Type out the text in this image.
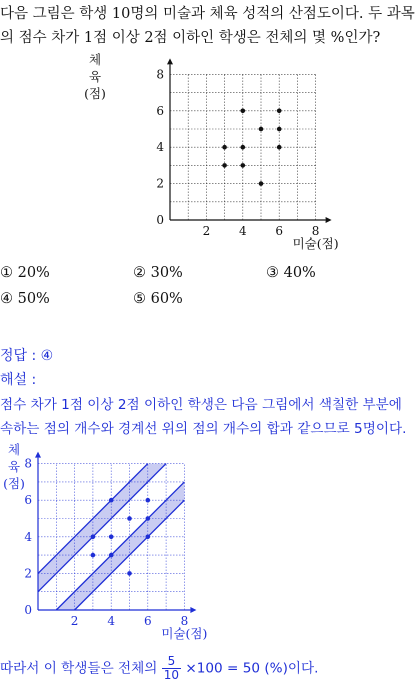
다음 그림은 학생 10명의 미술과 체육 성적의 산점도이다. 두 과목
의 점수 차가 1점 이상 2점 이하인 학생은 전체의 몇 %인가?
2 4 6 8
0
2
4
6
8
미술(점)
체
육
(점)
① 20%	② 30%	③ 40%
④ 50%	⑤ 60%
정답 : ④
해설 :
점수 차가 1점 이상 2점 이하인 학생은 다음 그림에서 색칠한 부분에
속하는 점의 개수와 경계선 위의 점의 개수의 합과 같으므로 5명이다.
2 4 6 8
0
2
4
6
8
미술(점)
체
육
(점)
따라서 이 학생들은 전체의 $\frac{5}{10} \times 100 = 50$ (%)이다.
